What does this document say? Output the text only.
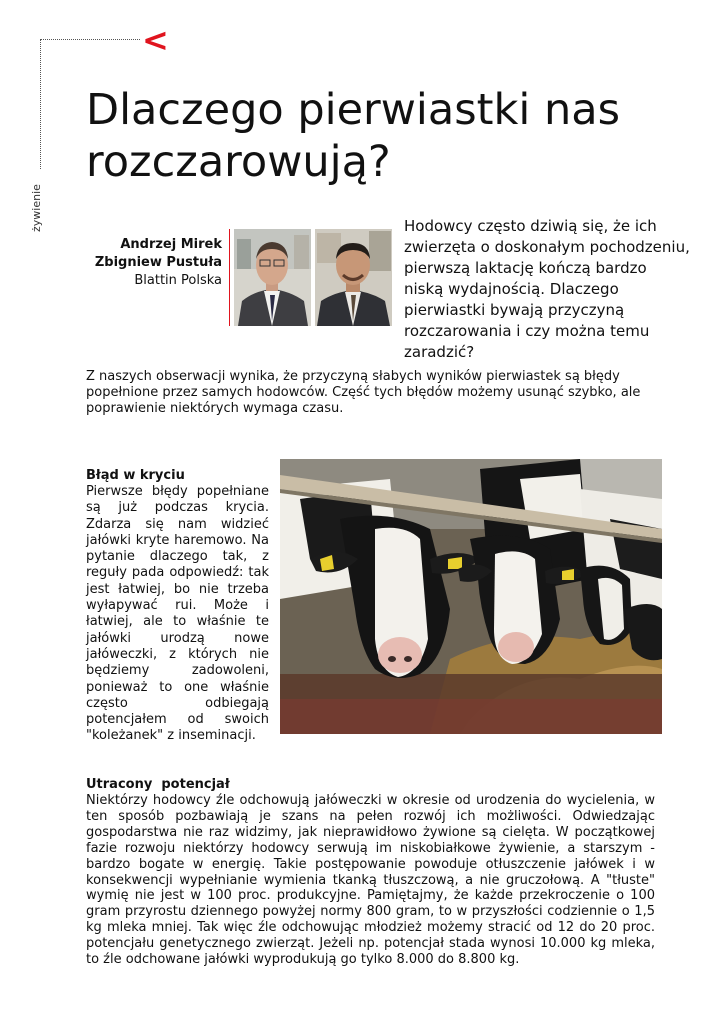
<
żywienie
Dlaczego pierwiastki nas rozczarowują?
Andrzej Mirek
Zbigniew Pustuła
Blattin Polska

Hodowcy często dziwią się, że ich zwierzęta o doskonałym pochodzeniu, pierwszą laktację kończą bardzo niską wydajnością. Dlaczego pierwiastki bywają przyczyną rozczarowania i czy można temu zaradzić?

Z naszych obserwacji wynika, że przyczyną słabych wyników pierwiastek są błędy popełnione przez samych hodowców. Część tych błędów możemy usunąć szybko, ale poprawienie niektórych wymaga czasu.

Błąd w kryciu

Pierwsze błędy popełniane są już podczas krycia. Zdarza się nam widzieć jałówki kryte haremowo. Na pytanie dlaczego tak, z reguły pada odpowiedź: tak jest łatwiej, bo nie trzeba wyłapywać rui. Może i łatwiej, ale to właśnie te jałówki urodzą nowe jałóweczki, z których nie będziemy zadowoleni, ponieważ to one właśnie często odbiegają potencjałem od swoich "koleżanek" z inseminacji.

Utracony  potencjał

Niektórzy hodowcy źle odchowują jałóweczki w okresie od urodzenia do wycielenia, w ten sposób pozbawiają je szans na pełen rozwój ich możliwości. Odwiedzając gospodarstwa nie raz widzimy, jak nieprawidłowo żywione są cielęta. W początkowej fazie rozwoju niektórzy hodowcy serwują im niskobiałkowe żywienie, a starszym - bardzo bogate w energię. Takie postępowanie powoduje otłuszczenie jałówek i w konsekwencji wypełnianie wymienia tkanką tłuszczową, a nie gruczołową. A "tłuste" wymię nie jest w 100 proc. produkcyjne. Pamiętajmy, że każde przekroczenie o 100 gram przyrostu dziennego powyżej normy 800 gram, to w przyszłości codziennie o 1,5 kg mleka mniej. Tak więc źle odchowując młodzież możemy stracić od 12 do 20 proc. potencjału genetycznego zwierząt. Jeżeli np. potencjał stada wynosi 10.000 kg mleka, to źle odchowane jałówki wyprodukują go tylko 8.000 do 8.800 kg.
